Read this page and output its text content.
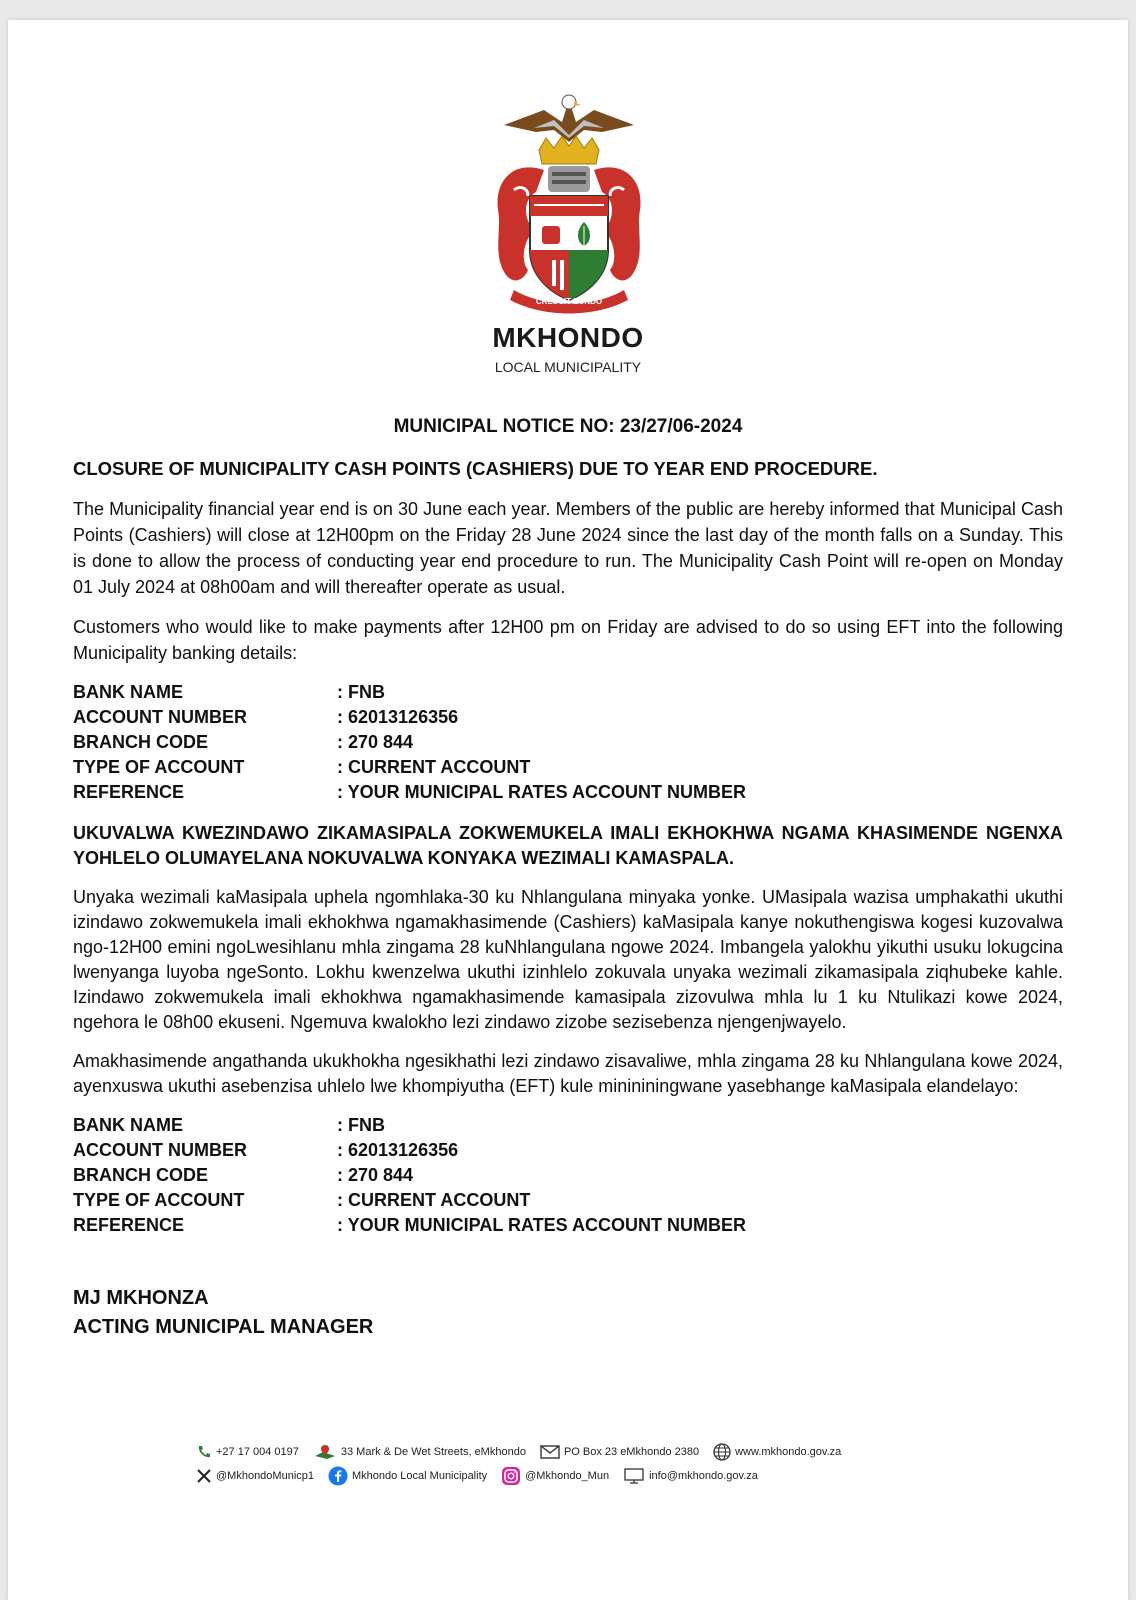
CRESCIT EUNDO
MKHONDO
LOCAL MUNICIPALITY
MUNICIPAL NOTICE NO: 23/27/06-2024
CLOSURE OF MUNICIPALITY CASH POINTS (CASHIERS) DUE TO YEAR END PROCEDURE.

The Municipality financial year end is on 30 June each year. Members of the public are hereby informed that Municipal Cash Points (Cashiers) will close at 12H00pm on the Friday 28 June 2024 since the last day of the month falls on a Sunday. This is done to allow the process of conducting year end procedure to run. The Municipality Cash Point will re-open on Monday 01 July 2024 at 08h00am and will thereafter operate as usual.

Customers who would like to make payments after 12H00 pm on Friday are advised to do so using EFT into the following Municipality banking details:

BANK NAME	: FNB
ACCOUNT NUMBER	: 62013126356
BRANCH CODE	: 270 844
TYPE OF ACCOUNT	: CURRENT ACCOUNT
REFERENCE	: YOUR MUNICIPAL RATES ACCOUNT NUMBER
UKUVALWA KWEZINDAWO ZIKAMASIPALA ZOKWEMUKELA IMALI EKHOKHWA NGAMA KHASIMENDE NGENXA YOHLELO OLUMAYELANA NOKUVALWA KONYAKA WEZIMALI KAMASPALA.

Unyaka wezimali kaMasipala uphela ngomhlaka-30 ku Nhlangulana minyaka yonke. UMasipala wazisa umphakathi ukuthi izindawo zokwemukela imali ekhokhwa ngamakhasimende (Cashiers) kaMasipala kanye nokuthengiswa kogesi kuzovalwa ngo-12H00 emini ngoLwesihlanu mhla zingama 28 kuNhlangulana ngowe 2024. Imbangela yalokhu yikuthi usuku lokugcina lwenyanga luyoba ngeSonto. Lokhu kwenzelwa ukuthi izinhlelo zokuvala unyaka wezimali zikamasipala ziqhubeke kahle. Izindawo zokwemukela imali ekhokhwa ngamakhasimende kamasipala zizovulwa mhla lu 1 ku Ntulikazi kowe 2024, ngehora le 08h00 ekuseni. Ngemuva kwalokho lezi zindawo zizobe sezisebenza njengenjwayelo.

Amakhasimende angathanda ukukhokha ngesikhathi lezi zindawo zisavaliwe, mhla zingama 28 ku Nhlangulana kowe 2024, ayenxuswa ukuthi asebenzisa uhlelo lwe khompiyutha (EFT) kule minininingwane yasebhange kaMasipala elandelayo:

BANK NAME	: FNB
ACCOUNT NUMBER	: 62013126356
BRANCH CODE	: 270 844
TYPE OF ACCOUNT	: CURRENT ACCOUNT
REFERENCE	: YOUR MUNICIPAL RATES ACCOUNT NUMBER
MJ MKHONZA
ACTING MUNICIPAL MANAGER
+27 17 004 0197	33 Mark & De Wet Streets, eMkhondo	PO Box 23 eMkhondo 2380	www.mkhondo.gov.za
@MkhondoMunicp1	Mkhondo Local Municipality	@Mkhondo_Mun	info@mkhondo.gov.za
